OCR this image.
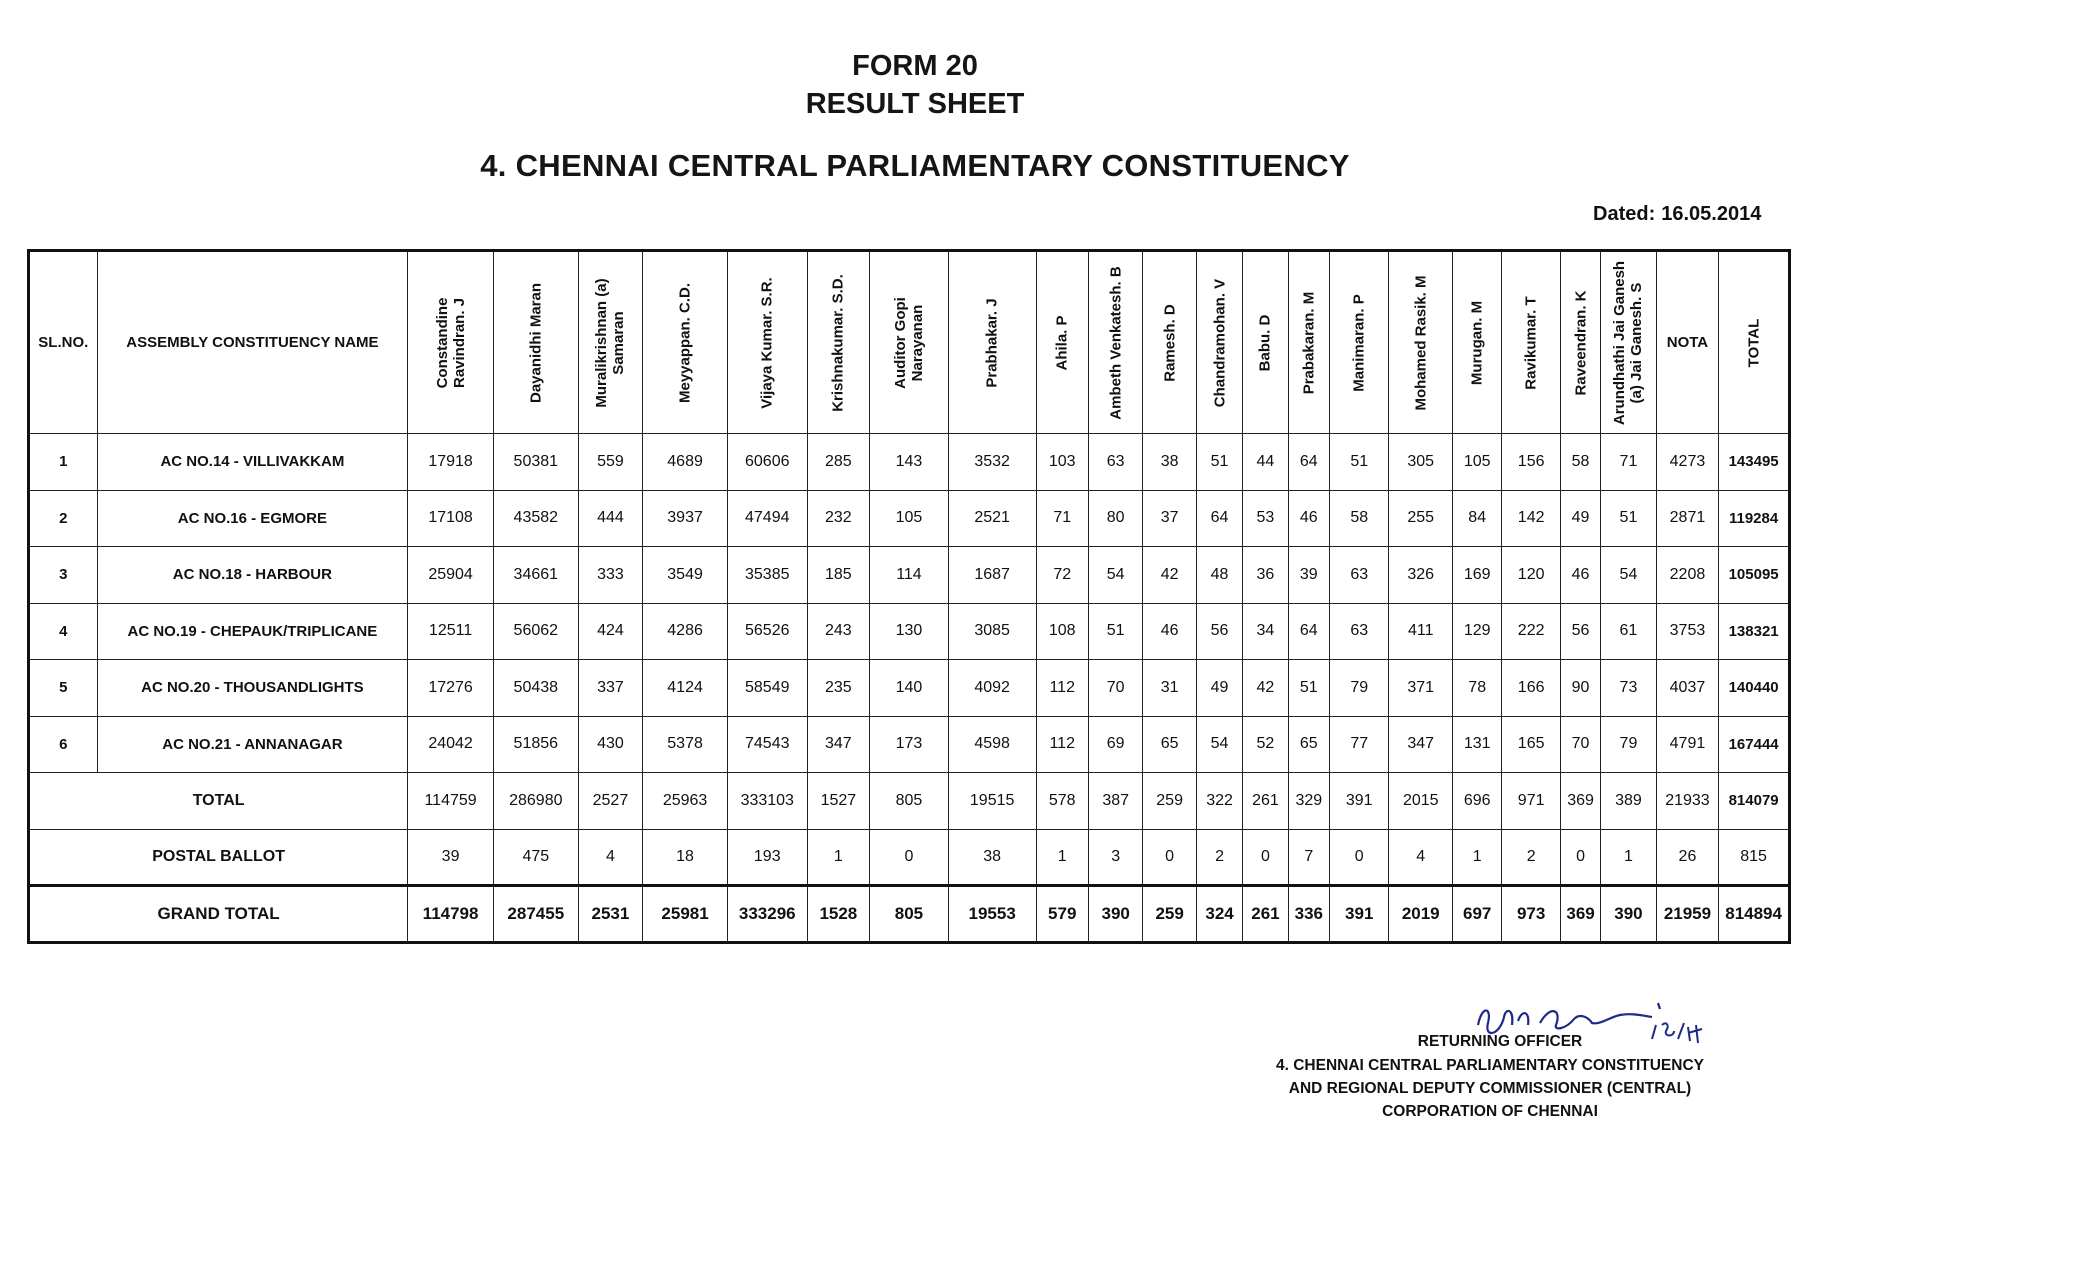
FORM 20
RESULT SHEET
4. CHENNAI CENTRAL PARLIAMENTARY CONSTITUENCY
Dated: 16.05.2014
SL.NO.	ASSEMBLY CONSTITUENCY NAME	Constandine Ravindran. J	Dayanidhi Maran	Muralikrishnan (a) Samaran	Meyyappan. C.D.	Vijaya Kumar. S.R.	Krishnakumar. S.D.	Auditor Gopi Narayanan	Prabhakar. J	Ahila. P	Ambeth Venkatesh. B	Ramesh. D	Chandramohan. V	Babu. D	Prabakaran. M	Manimaran. P	Mohamed Rasik. M	Murugan. M	Ravikumar. T	Raveendran. K	Arundhathi Jai Ganesh (a) Jai Ganesh. S	NOTA	TOTAL

1	AC NO.14 - VILLIVAKKAM	17918	50381	559	4689	60606	285	143	3532	103	63	38	51	44	64	51	305	105	156	58	71	4273	143495
2	AC NO.16 - EGMORE	17108	43582	444	3937	47494	232	105	2521	71	80	37	64	53	46	58	255	84	142	49	51	2871	119284
3	AC NO.18 - HARBOUR	25904	34661	333	3549	35385	185	114	1687	72	54	42	48	36	39	63	326	169	120	46	54	2208	105095
4	AC NO.19 - CHEPAUK/TRIPLICANE	12511	56062	424	4286	56526	243	130	3085	108	51	46	56	34	64	63	411	129	222	56	61	3753	138321
5	AC NO.20 - THOUSANDLIGHTS	17276	50438	337	4124	58549	235	140	4092	112	70	31	49	42	51	79	371	78	166	90	73	4037	140440
6	AC NO.21 - ANNANAGAR	24042	51856	430	5378	74543	347	173	4598	112	69	65	54	52	65	77	347	131	165	70	79	4791	167444
TOTAL		114759	286980	2527	25963	333103	1527	805	19515	578	387	259	322	261	329	391	2015	696	971	369	389	21933	814079
POSTAL BALLOT		39	475	4	18	193	1	0	38	1	3	0	2	0	7	0	4	1	2	0	1	26	815
GRAND TOTAL		114798	287455	2531	25981	333296	1528	805	19553	579	390	259	324	261	336	391	2019	697	973	369	390	21959	814894
RETURNING OFFICER
4. CHENNAI CENTRAL PARLIAMENTARY CONSTITUENCY
AND REGIONAL DEPUTY COMMISSIONER (CENTRAL)
CORPORATION OF CHENNAI
